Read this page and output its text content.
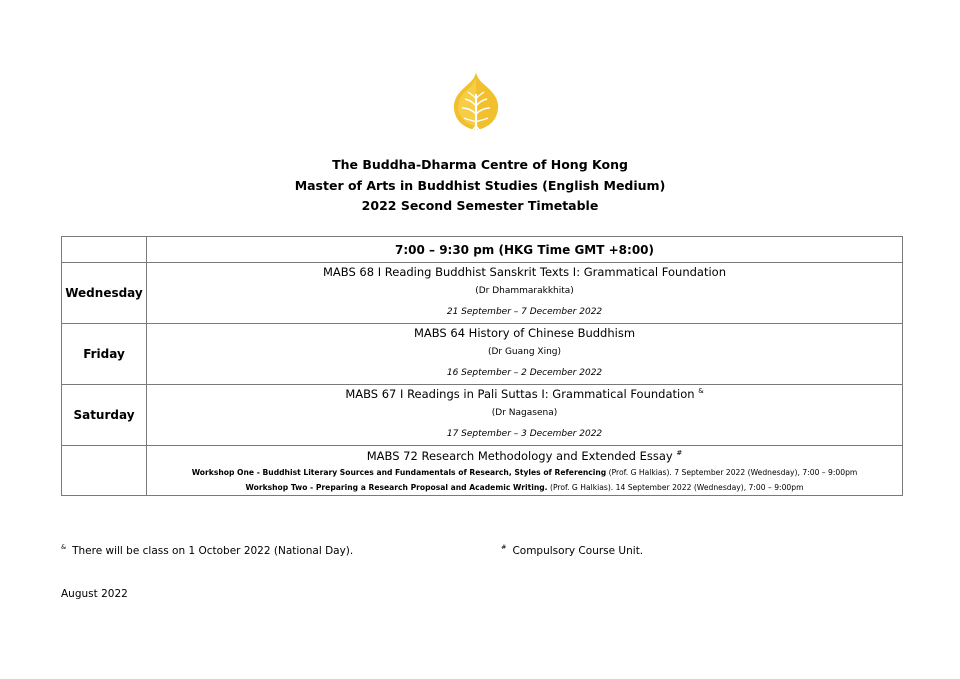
The Buddha-Dharma Centre of Hong Kong
Master of Arts in Buddhist Studies (English Medium)
2022 Second Semester Timetable
	7:00 – 9:30 pm (HKG Time GMT +8:00)
Wednesday	MABS 68 I Reading Buddhist Sanskrit Texts I: Grammatical Foundation
(Dr Dhammarakkhita)
21 September – 7 December 2022

Friday	MABS 64 History of Chinese Buddhism
(Dr Guang Xing)
16 September – 2 December 2022

Saturday	MABS 67 I Readings in Pali Suttas I: Grammatical Foundation &
(Dr Nagasena)
17 September – 3 December 2022

	MABS 72 Research Methodology and Extended Essay #
Workshop One - Buddhist Literary Sources and Fundamentals of Research, Styles of Referencing (Prof. G Halkias). 7 September 2022 (Wednesday), 7:00 – 9:00pm
Workshop Two - Preparing a Research Proposal and Academic Writing. (Prof. G Halkias). 14 September 2022 (Wednesday), 7:00 – 9:00pm
& There will be class on 1 October 2022 (National Day).	# Compulsory Course Unit.
August 2022
